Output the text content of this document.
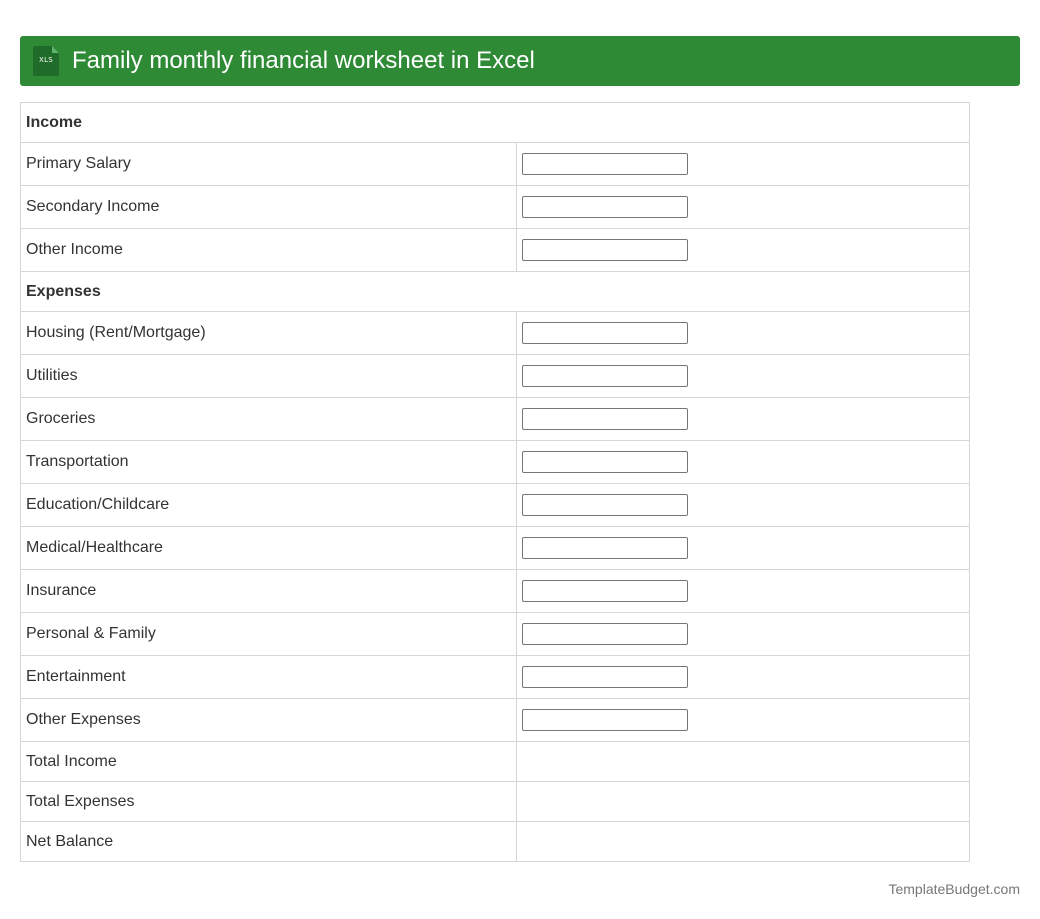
XLS Family monthly financial worksheet in Excel
Income	
Primary Salary	
Secondary Income	
Other Income	
Expenses	
Housing (Rent/Mortgage)	
Utilities	
Groceries	
Transportation	
Education/Childcare	
Medical/Healthcare	
Insurance	
Personal & Family	
Entertainment	
Other Expenses	
Total Income	
Total Expenses	
Net Balance	
TemplateBudget.com
